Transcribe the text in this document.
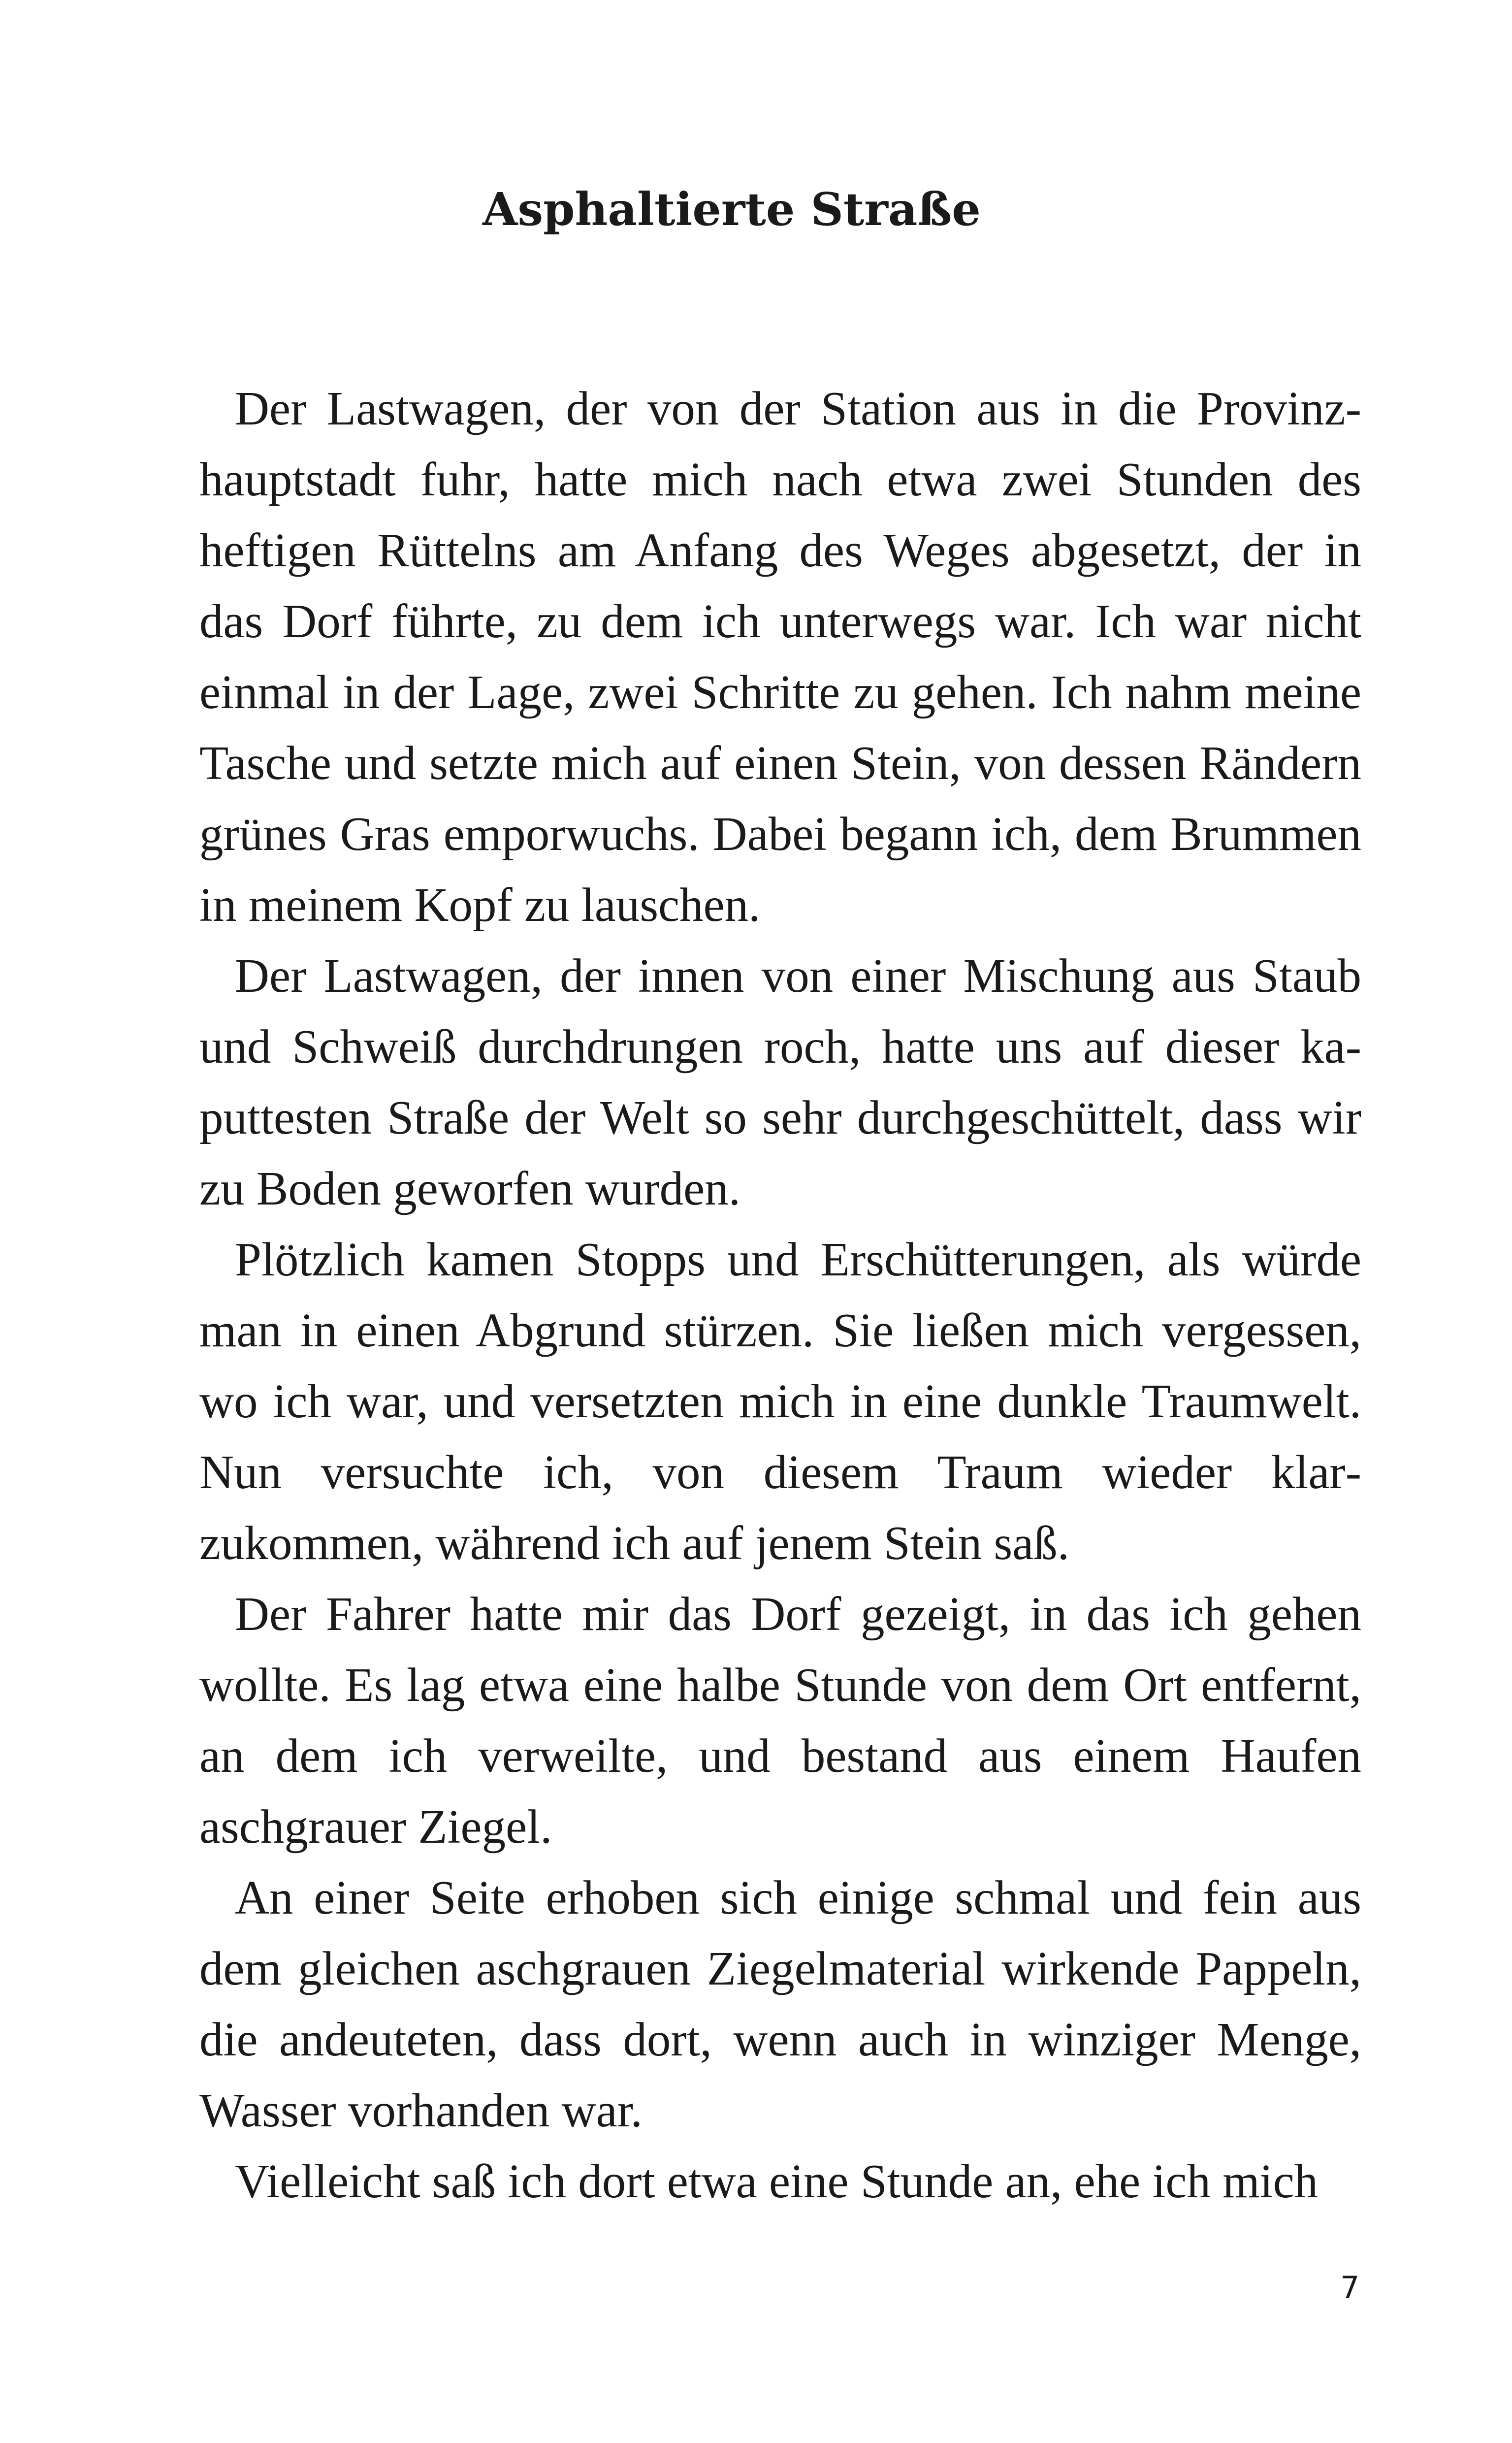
Asphaltierte Straße

Der Lastwagen, der von der Station aus in die Provinzhauptstadt fuhr, hatte mich nach etwa zwei Stunden des heftigen Rüttelns am Anfang des Weges abgesetzt, der in das Dorf führte, zu dem ich unterwegs war. Ich war nicht einmal in der Lage, zwei Schritte zu gehen. Ich nahm meine Tasche und setzte mich auf einen Stein, von dessen Rändern grünes Gras emporwuchs. Dabei begann ich, dem Brummen in meinem Kopf zu lauschen.

Der Lastwagen, der innen von einer Mischung aus Staub und Schweiß durchdrungen roch, hatte uns auf dieser kaputtesten Straße der Welt so sehr durchgeschüttelt, dass wir zu Boden geworfen wurden.

Plötzlich kamen Stopps und Erschütterungen, als würde man in einen Abgrund stürzen. Sie ließen mich vergessen, wo ich war, und versetzten mich in eine dunkle Traumwelt. Nun versuchte ich, von diesem Traum wieder klarzukommen, während ich auf jenem Stein saß.

Der Fahrer hatte mir das Dorf gezeigt, in das ich gehen wollte. Es lag etwa eine halbe Stunde von dem Ort entfernt, an dem ich verweilte, und bestand aus einem Haufen aschgrauer Ziegel.

An einer Seite erhoben sich einige schmal und fein aus dem gleichen aschgrauen Ziegelmaterial wirkende Pappeln, die andeuteten, dass dort, wenn auch in winziger Menge, Wasser vorhanden war.

Vielleicht saß ich dort etwa eine Stunde an, ehe ich mich

7
